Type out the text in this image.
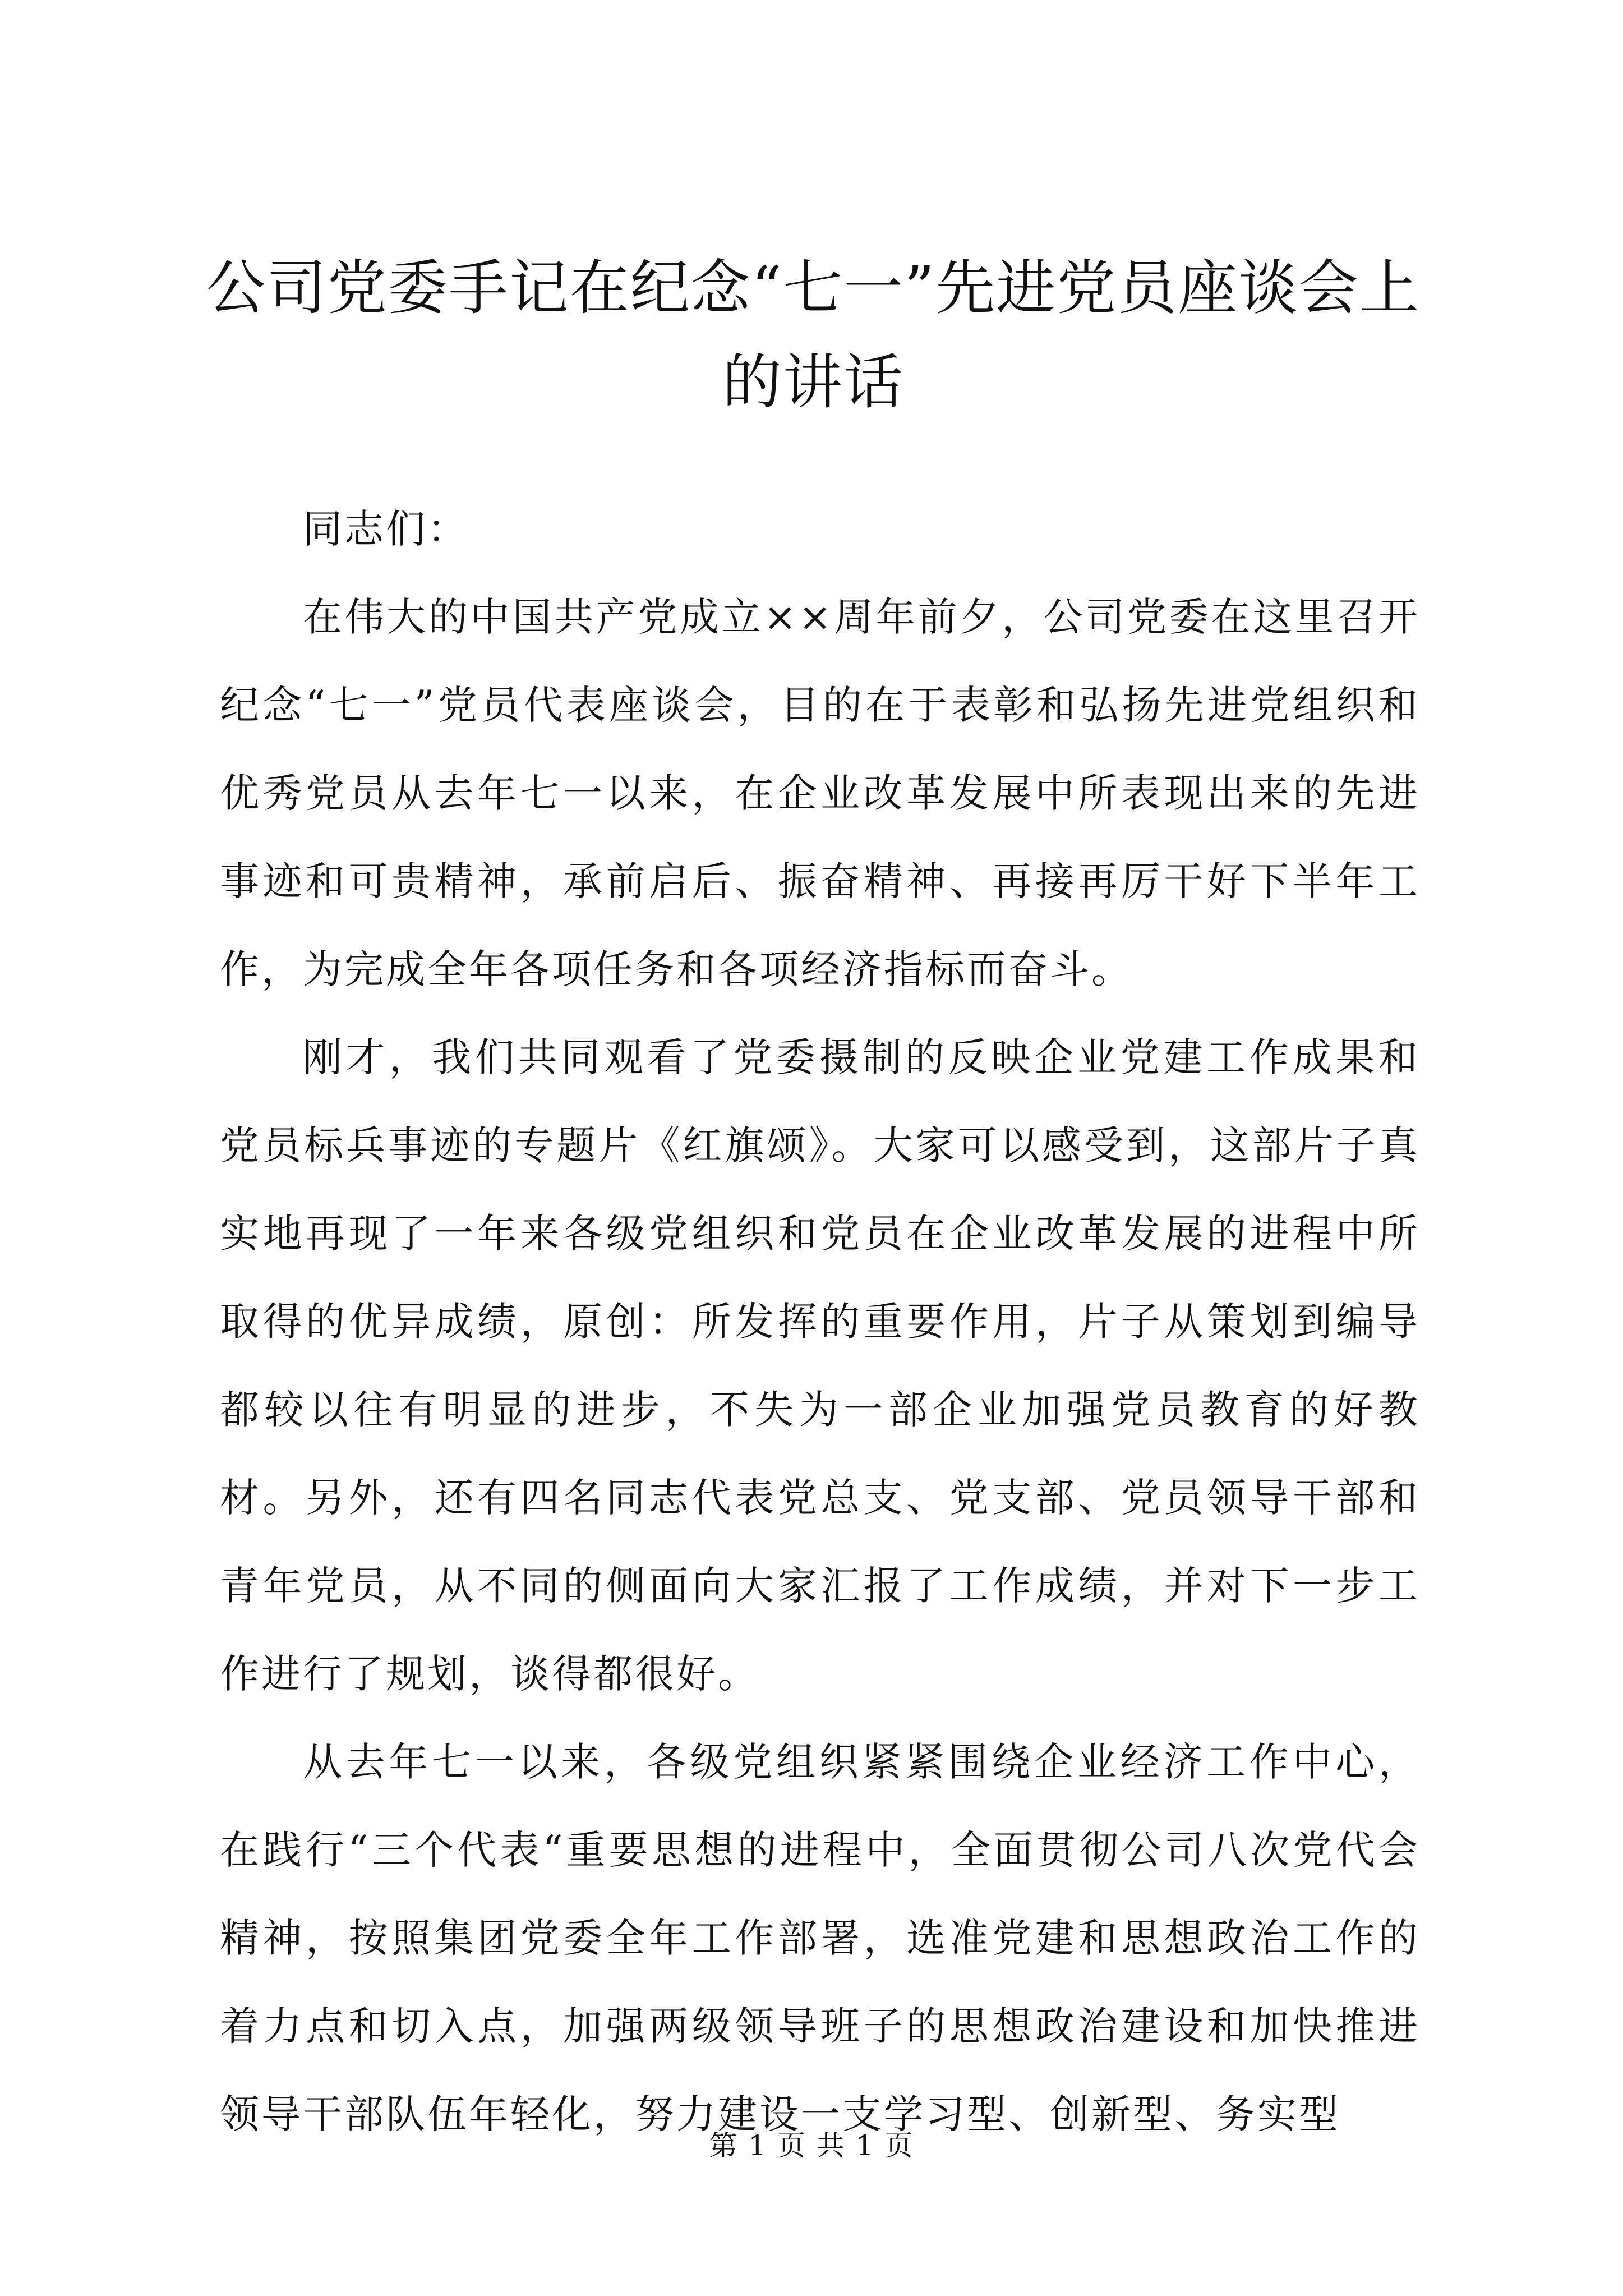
公司党委手记在纪念“七一”先进党员座谈会上的讲话

同志们：

在伟大的中国共产党成立××周年前夕，公司党委在这里召开纪念“七一”党员代表座谈会，目的在于表彰和弘扬先进党组织和优秀党员从去年七一以来，在企业改革发展中所表现出来的先进事迹和可贵精神，承前启后、振奋精神、再接再厉干好下半年工作，为完成全年各项任务和各项经济指标而奋斗。

刚才，我们共同观看了党委摄制的反映企业党建工作成果和党员标兵事迹的专题片《红旗颂》。大家可以感受到，这部片子真实地再现了一年来各级党组织和党员在企业改革发展的进程中所取得的优异成绩，原创：所发挥的重要作用，片子从策划到编导都较以往有明显的进步，不失为一部企业加强党员教育的好教材。另外，还有四名同志代表党总支、党支部、党员领导干部和青年党员，从不同的侧面向大家汇报了工作成绩，并对下一步工作进行了规划，谈得都很好。

从去年七一以来，各级党组织紧紧围绕企业经济工作中心，在践行“三个代表“重要思想的进程中，全面贯彻公司八次党代会精神，按照集团党委全年工作部署，选准党建和思想政治工作的着力点和切入点，加强两级领导班子的思想政治建设和加快推进领导干部队伍年轻化，努力建设一支学习型、创新型、务实型

第 1 页 共 1 页
